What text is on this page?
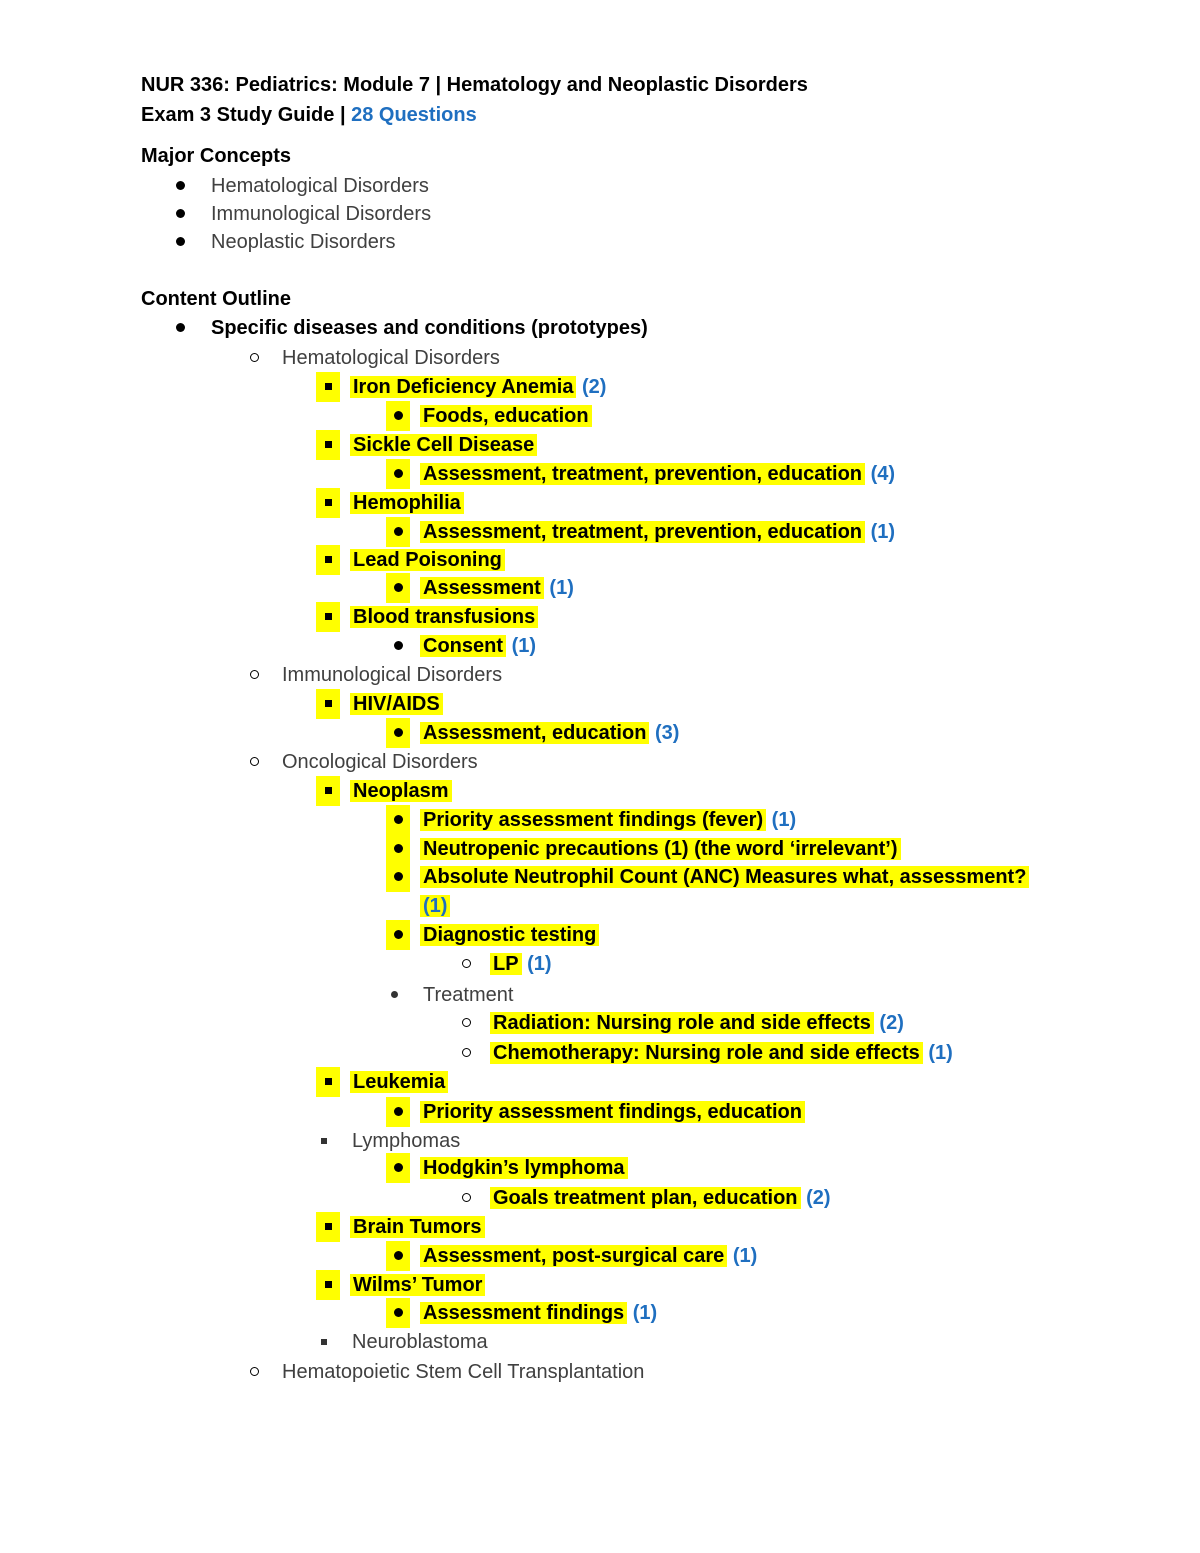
NUR 336: Pediatrics: Module 7 | Hematology and Neoplastic Disorders
Exam 3 Study Guide | 28 Questions
Major Concepts
Hematological Disorders
Immunological Disorders
Neoplastic Disorders
Content Outline
Specific diseases and conditions (prototypes)
Hematological Disorders
Iron Deficiency Anemia (2)
Foods, education
Sickle Cell Disease
Assessment, treatment, prevention, education (4)
Hemophilia
Assessment, treatment, prevention, education (1)
Lead Poisoning
Assessment (1)
Blood transfusions
Consent (1)
Immunological Disorders
HIV/AIDS
Assessment, education (3)
Oncological Disorders
Neoplasm
Priority assessment findings (fever) (1)
Neutropenic precautions (1) (the word ‘irrelevant’)
Absolute Neutrophil Count (ANC) Measures what, assessment?
(1)
Diagnostic testing
LP (1)
Treatment
Radiation: Nursing role and side effects (2)
Chemotherapy: Nursing role and side effects (1)
Leukemia
Priority assessment findings, education
Lymphomas
Hodgkin’s lymphoma
Goals treatment plan, education (2)
Brain Tumors
Assessment, post-surgical care (1)
Wilms’ Tumor
Assessment findings (1)
Neuroblastoma
Hematopoietic Stem Cell Transplantation
